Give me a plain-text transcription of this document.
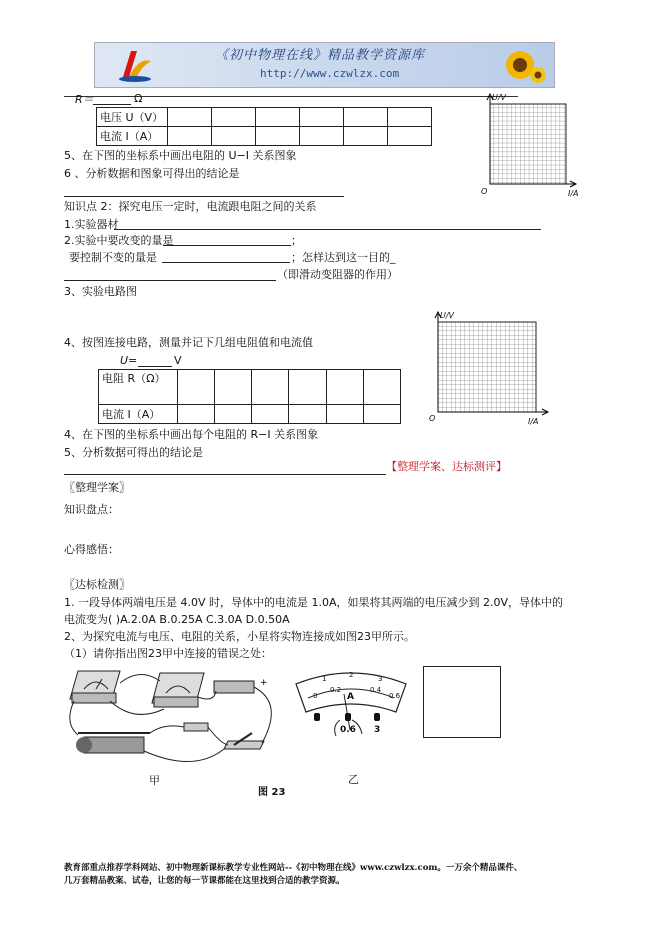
《初中物理在线》精品教学资源库
http://www.czwlzx.com
R＝	Ω
电压 U（V）						
电流 I（A）						
5、在下图的坐标系中画出电阻的 U−I 关系图象
6 、分析数据和图象可得出的结论是
U/V
I/A
O
知识点 2：探究电压一定时，电流跟电阻之间的关系
1.实验器材
2.实验中要改变的量是	；
要控制不变的量是	；怎样达到这一目的_
（即滑动变阻器的作用）
3、实验电路图
4、按图连接电路，测量并记下几组电阻值和电流值
U=	V
电阻 R（Ω）						
电流 I（A）						
4、在下图的坐标系中画出每个电阻的 R−I 关系图象
5、分析数据可得出的结论是
【整理学案、达标测评】
U/V
I/A
O
〖整理学案〗
知识盘点：
心得感悟：
〖达标检测〗
1. 一段导体两端电压是 4.0V 时，导体中的电流是 1.0A，如果将其两端的电压减少到 2.0V，导体中的
电流变为( )A.2.0A B.0.25A C.3.0A D.0.50A
2、为探究电流与电压、电阻的关系，小星将实物连接成如图23甲所示。
（1）请你指出图23甲中连接的错误之处：
+
甲
0
0.2	0.4
0.6
1	2	3
A
0.6 3
乙
图 23
教育部重点推荐学科网站、初中物理新课标教学专业性网站--《初中物理在线》www.czwlzx.com。一万余个精品课件、
几万套精品教案、试卷，让您的每一节课都能在这里找到合适的教学资源。
